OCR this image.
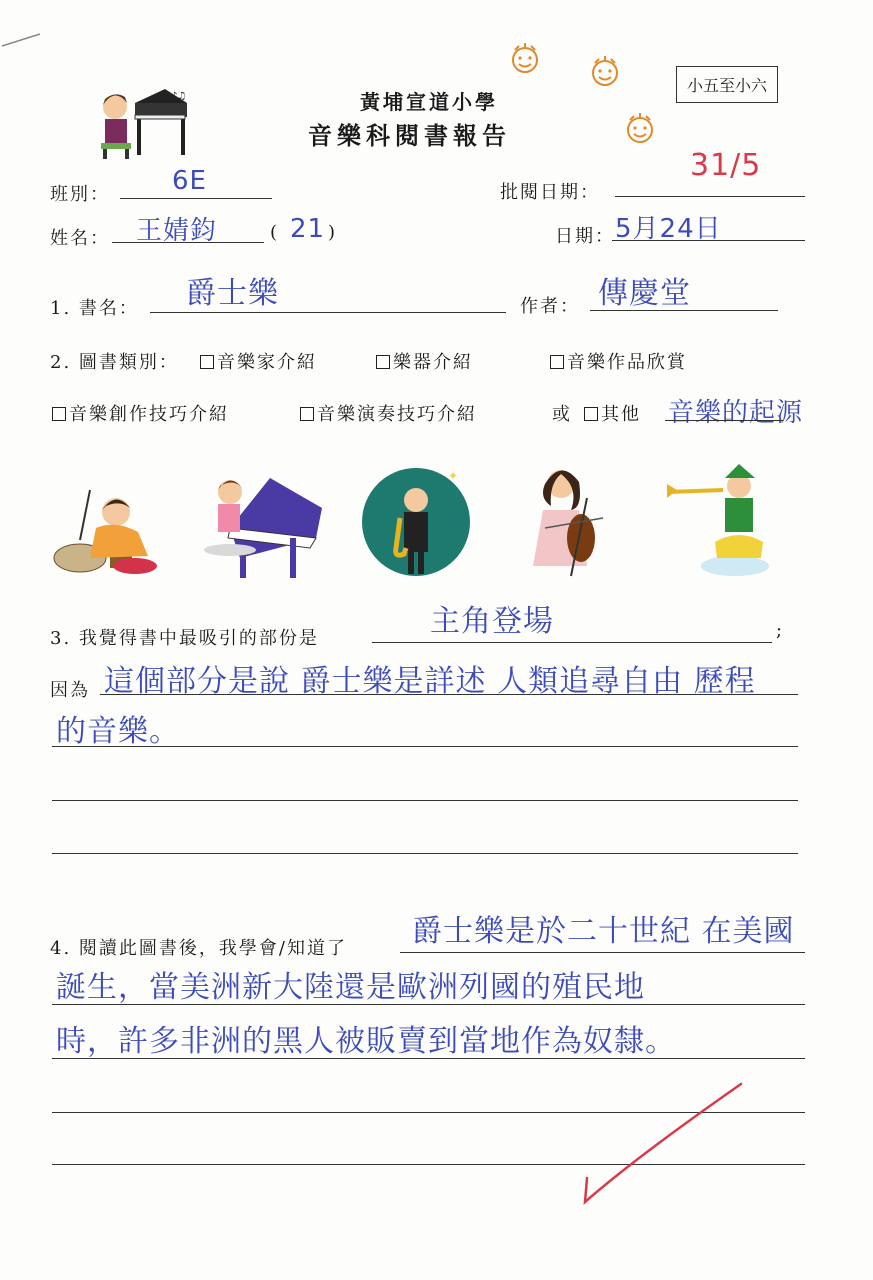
♪♫	黃埔宣道小學
音樂科閱書報告
小五至小六
班別： 6E	批閱日期：
31/5
姓名： 王婧鈞	( 21 )	日期： 5月24日
1. 書名： 爵士樂	作者： 傳慶堂
2. 圖書類別：	音樂家介紹	樂器介紹	音樂作品欣賞
音樂創作技巧介紹	音樂演奏技巧介紹	或	其他 音樂的起源
✦
3. 我覺得書中最吸引的部份是	主角登場	;
因為 這個部分是說 爵士樂是詳述 人類追尋自由 歷程
的音樂。
4. 閱讀此圖書後，我學會/知道了 爵士樂是於二十世紀 在美國
誕生，當美洲新大陸還是歐洲列國的殖民地
時，許多非洲的黑人被販賣到當地作為奴隸。
